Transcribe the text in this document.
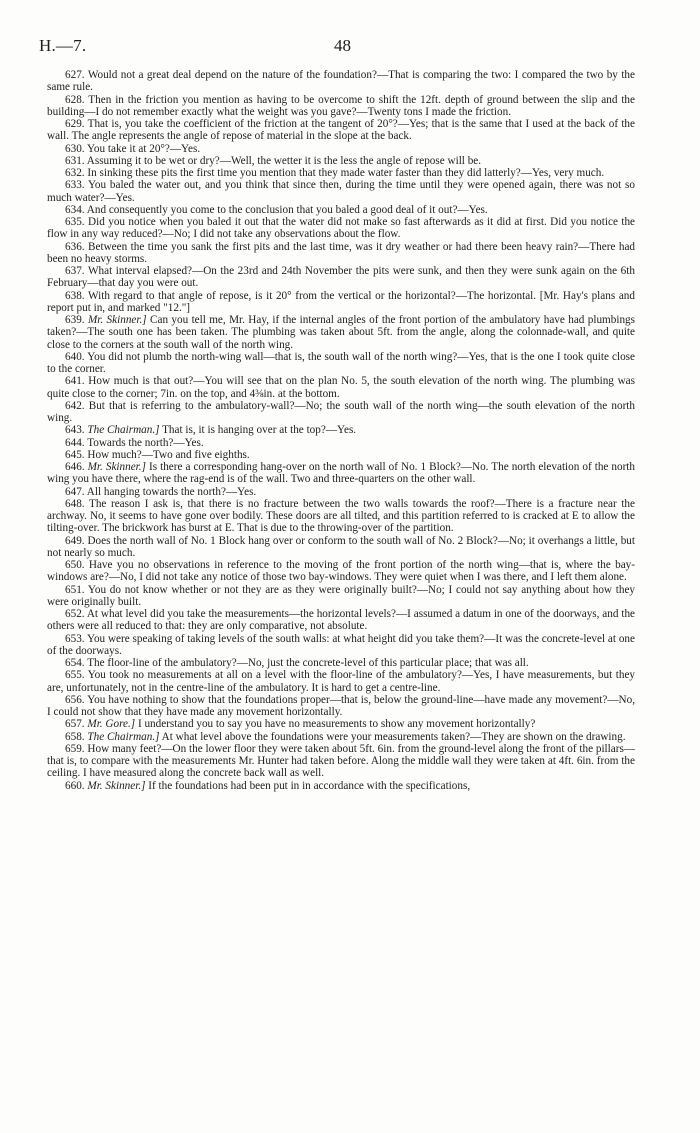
H.—7.	48

627. Would not a great deal depend on the nature of the foundation?—That is comparing the two: I compared the two by the same rule.

628. Then in the friction you mention as having to be overcome to shift the 12ft. depth of ground between the slip and the building—I do not remember exactly what the weight was you gave?—Twenty tons I made the friction.

629. That is, you take the coefficient of the friction at the tangent of 20°?—Yes; that is the same that I used at the back of the wall. The angle represents the angle of repose of material in the slope at the back.

630. You take it at 20°?—Yes.

631. Assuming it to be wet or dry?—Well, the wetter it is the less the angle of repose will be.

632. In sinking these pits the first time you mention that they made water faster than they did latterly?—Yes, very much.

633. You baled the water out, and you think that since then, during the time until they were opened again, there was not so much water?—Yes.

634. And consequently you come to the conclusion that you baled a good deal of it out?—Yes.

635. Did you notice when you baled it out that the water did not make so fast afterwards as it did at first. Did you notice the flow in any way reduced?—No; I did not take any observations about the flow.

636. Between the time you sank the first pits and the last time, was it dry weather or had there been heavy rain?—There had been no heavy storms.

637. What interval elapsed?—On the 23rd and 24th November the pits were sunk, and then they were sunk again on the 6th February—that day you were out.

638. With regard to that angle of repose, is it 20° from the vertical or the horizontal?—The horizontal. [Mr. Hay's plans and report put in, and marked "12."]

639. Mr. Skinner.] Can you tell me, Mr. Hay, if the internal angles of the front portion of the ambulatory have had plumbings taken?—The south one has been taken. The plumbing was taken about 5ft. from the angle, along the colonnade-wall, and quite close to the corners at the south wall of the north wing.

640. You did not plumb the north-wing wall—that is, the south wall of the north wing?—Yes, that is the one I took quite close to the corner.

641. How much is that out?—You will see that on the plan No. 5, the south elevation of the north wing. The plumbing was quite close to the corner; 7in. on the top, and 4⅜in. at the bottom.

642. But that is referring to the ambulatory-wall?—No; the south wall of the north wing—the south elevation of the north wing.

643. The Chairman.] That is, it is hanging over at the top?—Yes.

644. Towards the north?—Yes.

645. How much?—Two and five eighths.

646. Mr. Skinner.] Is there a corresponding hang-over on the north wall of No. 1 Block?—No. The north elevation of the north wing you have there, where the rag-end is of the wall. Two and three-quarters on the other wall.

647. All hanging towards the north?—Yes.

648. The reason I ask is, that there is no fracture between the two walls towards the roof?—There is a fracture near the archway. No, it seems to have gone over bodily. These doors are all tilted, and this partition referred to is cracked at E to allow the tilting-over. The brickwork has burst at E. That is due to the throwing-over of the partition.

649. Does the north wall of No. 1 Block hang over or conform to the south wall of No. 2 Block?—No; it overhangs a little, but not nearly so much.

650. Have you no observations in reference to the moving of the front portion of the north wing—that is, where the bay-windows are?—No, I did not take any notice of those two bay-windows. They were quiet when I was there, and I left them alone.

651. You do not know whether or not they are as they were originally built?—No; I could not say anything about how they were originally built.

652. At what level did you take the measurements—the horizontal levels?—I assumed a datum in one of the doorways, and the others were all reduced to that: they are only comparative, not absolute.

653. You were speaking of taking levels of the south walls: at what height did you take them?—It was the concrete-level at one of the doorways.

654. The floor-line of the ambulatory?—No, just the concrete-level of this particular place; that was all.

655. You took no measurements at all on a level with the floor-line of the ambulatory?—Yes, I have measurements, but they are, unfortunately, not in the centre-line of the ambulatory. It is hard to get a centre-line.

656. You have nothing to show that the foundations proper—that is, below the ground-line—have made any movement?—No, I could not show that they have made any movement horizontally.

657. Mr. Gore.] I understand you to say you have no measurements to show any movement horizontally?

658. The Chairman.] At what level above the foundations were your measurements taken?—They are shown on the drawing.

659. How many feet?—On the lower floor they were taken about 5ft. 6in. from the ground-level along the front of the pillars—that is, to compare with the measurements Mr. Hunter had taken before. Along the middle wall they were taken at 4ft. 6in. from the ceiling. I have measured along the concrete back wall as well.

660. Mr. Skinner.] If the foundations had been put in in accordance with the specifications,
